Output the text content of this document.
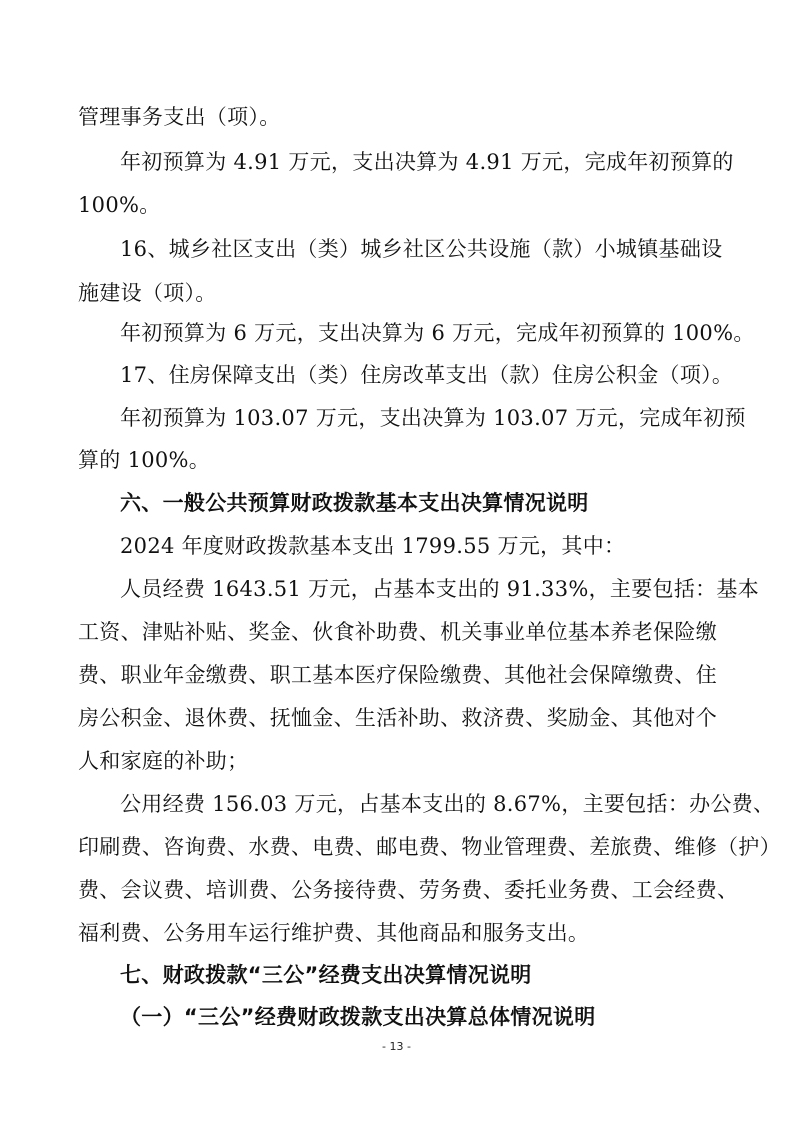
管理事务支出（项）。
年初预算为 4.91 万元，支出决算为 4.91 万元，完成年初预算的
100%。
16、城乡社区支出（类）城乡社区公共设施（款）小城镇基础设
施建设（项）。
年初预算为 6 万元，支出决算为 6 万元，完成年初预算的 100%。
17、住房保障支出（类）住房改革支出（款）住房公积金（项）。
年初预算为 103.07 万元，支出决算为 103.07 万元，完成年初预
算的 100%。
六、一般公共预算财政拨款基本支出决算情况说明
2024 年度财政拨款基本支出 1799.55 万元，其中：
人员经费 1643.51 万元，占基本支出的 91.33%，主要包括：基本
工资、津贴补贴、奖金、伙食补助费、机关事业单位基本养老保险缴
费、职业年金缴费、职工基本医疗保险缴费、其他社会保障缴费、住
房公积金、退休费、抚恤金、生活补助、救济费、奖励金、其他对个
人和家庭的补助；
公用经费 156.03 万元，占基本支出的 8.67%，主要包括：办公费、
印刷费、咨询费、水费、电费、邮电费、物业管理费、差旅费、维修（护）
费、会议费、培训费、公务接待费、劳务费、委托业务费、工会经费、
福利费、公务用车运行维护费、其他商品和服务支出。
七、财政拨款“三公”经费支出决算情况说明
（一）“三公”经费财政拨款支出决算总体情况说明
- 13 -
